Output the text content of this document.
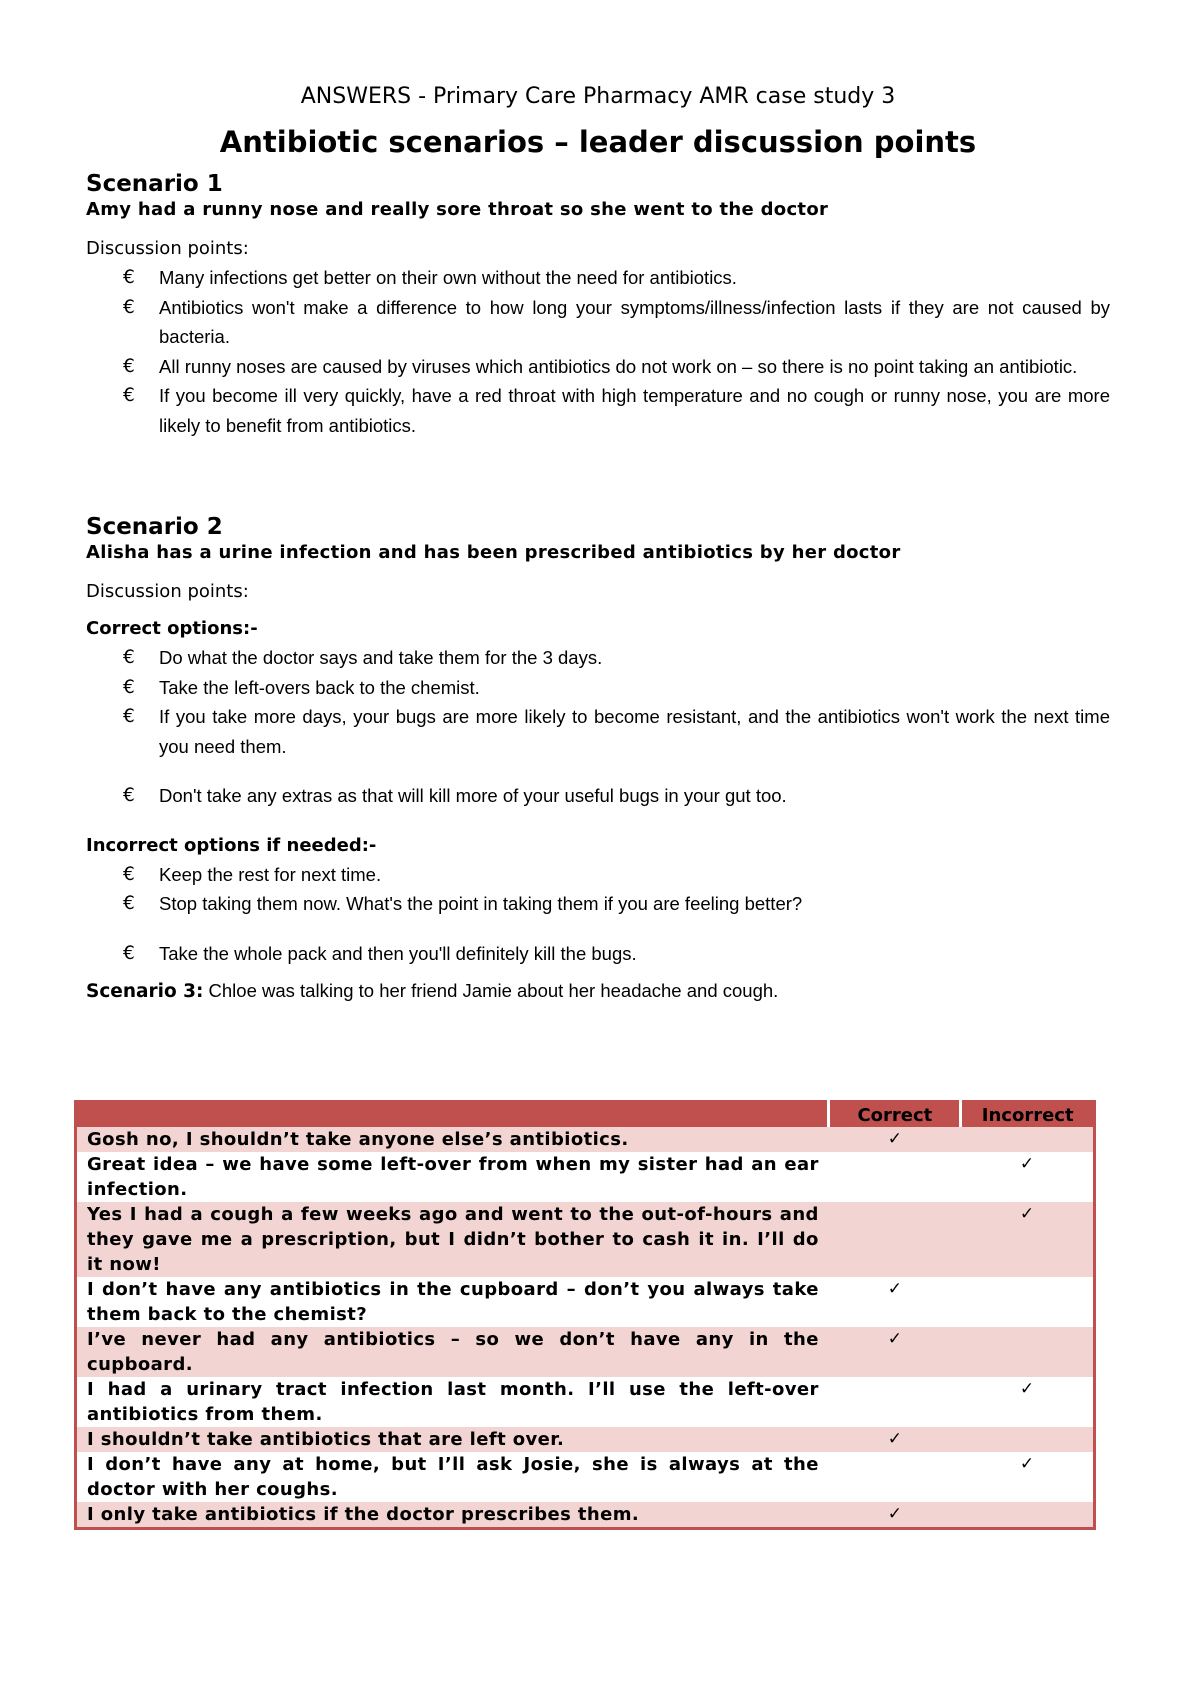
ANSWERS - Primary Care Pharmacy AMR case study 3

Antibiotic scenarios – leader discussion points

Scenario 1

Amy had a runny nose and really sore throat so she went to the doctor

Discussion points:

€ Many infections get better on their own without the need for antibiotics.
€ Antibiotics won't make a difference to how long your symptoms/illness/infection lasts if they are not caused by bacteria.
€ All runny noses are caused by viruses which antibiotics do not work on – so there is no point taking an antibiotic.
€ If you become ill very quickly, have a red throat with high temperature and no cough or runny nose, you are more likely to benefit from antibiotics.

Scenario 2

Alisha has a urine infection and has been prescribed antibiotics by her doctor

Discussion points:

Correct options:-

€ Do what the doctor says and take them for the 3 days.
€ Take the left-overs back to the chemist.
€ If you take more days, your bugs are more likely to become resistant, and the antibiotics won't work the next time you need them.
€ Don't take any extras as that will kill more of your useful bugs in your gut too.

Incorrect options if needed:-

€ Keep the rest for next time.
€ Stop taking them now. What's the point in taking them if you are feeling better?
€ Take the whole pack and then you'll definitely kill the bugs.

Scenario 3: Chloe was talking to her friend Jamie about her headache and cough.

	Correct	Incorrect
Gosh no, I shouldn’t take anyone else’s antibiotics.	✓	
Great idea – we have some left-over from when my sister had an ear infection.		✓
Yes I had a cough a few weeks ago and went to the out-of-hours and they gave me a prescription, but I didn’t bother to cash it in. I’ll do it now!		✓
I don’t have any antibiotics in the cupboard – don’t you always take them back to the chemist?	✓	
I’ve never had any antibiotics – so we don’t have any in the cupboard.	✓	
I had a urinary tract infection last month. I’ll use the left-over antibiotics from them.		✓
I shouldn’t take antibiotics that are left over.	✓	
I don’t have any at home, but I’ll ask Josie, she is always at the doctor with her coughs.		✓
I only take antibiotics if the doctor prescribes them.	✓	
